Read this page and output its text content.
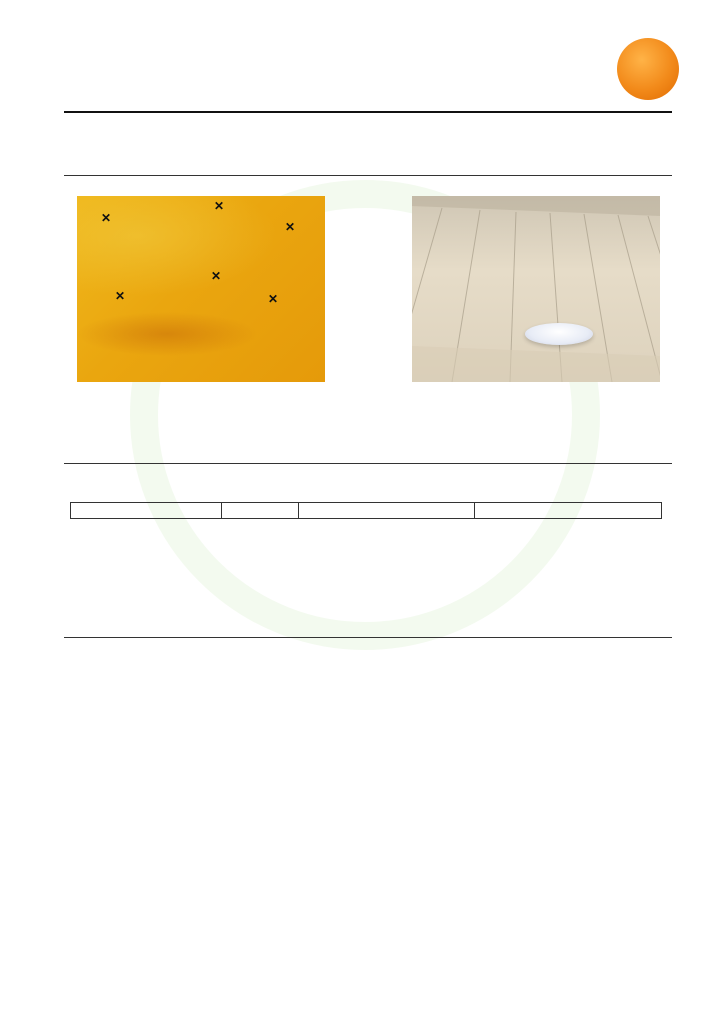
✕
✕
✕
✕
✕
✕
